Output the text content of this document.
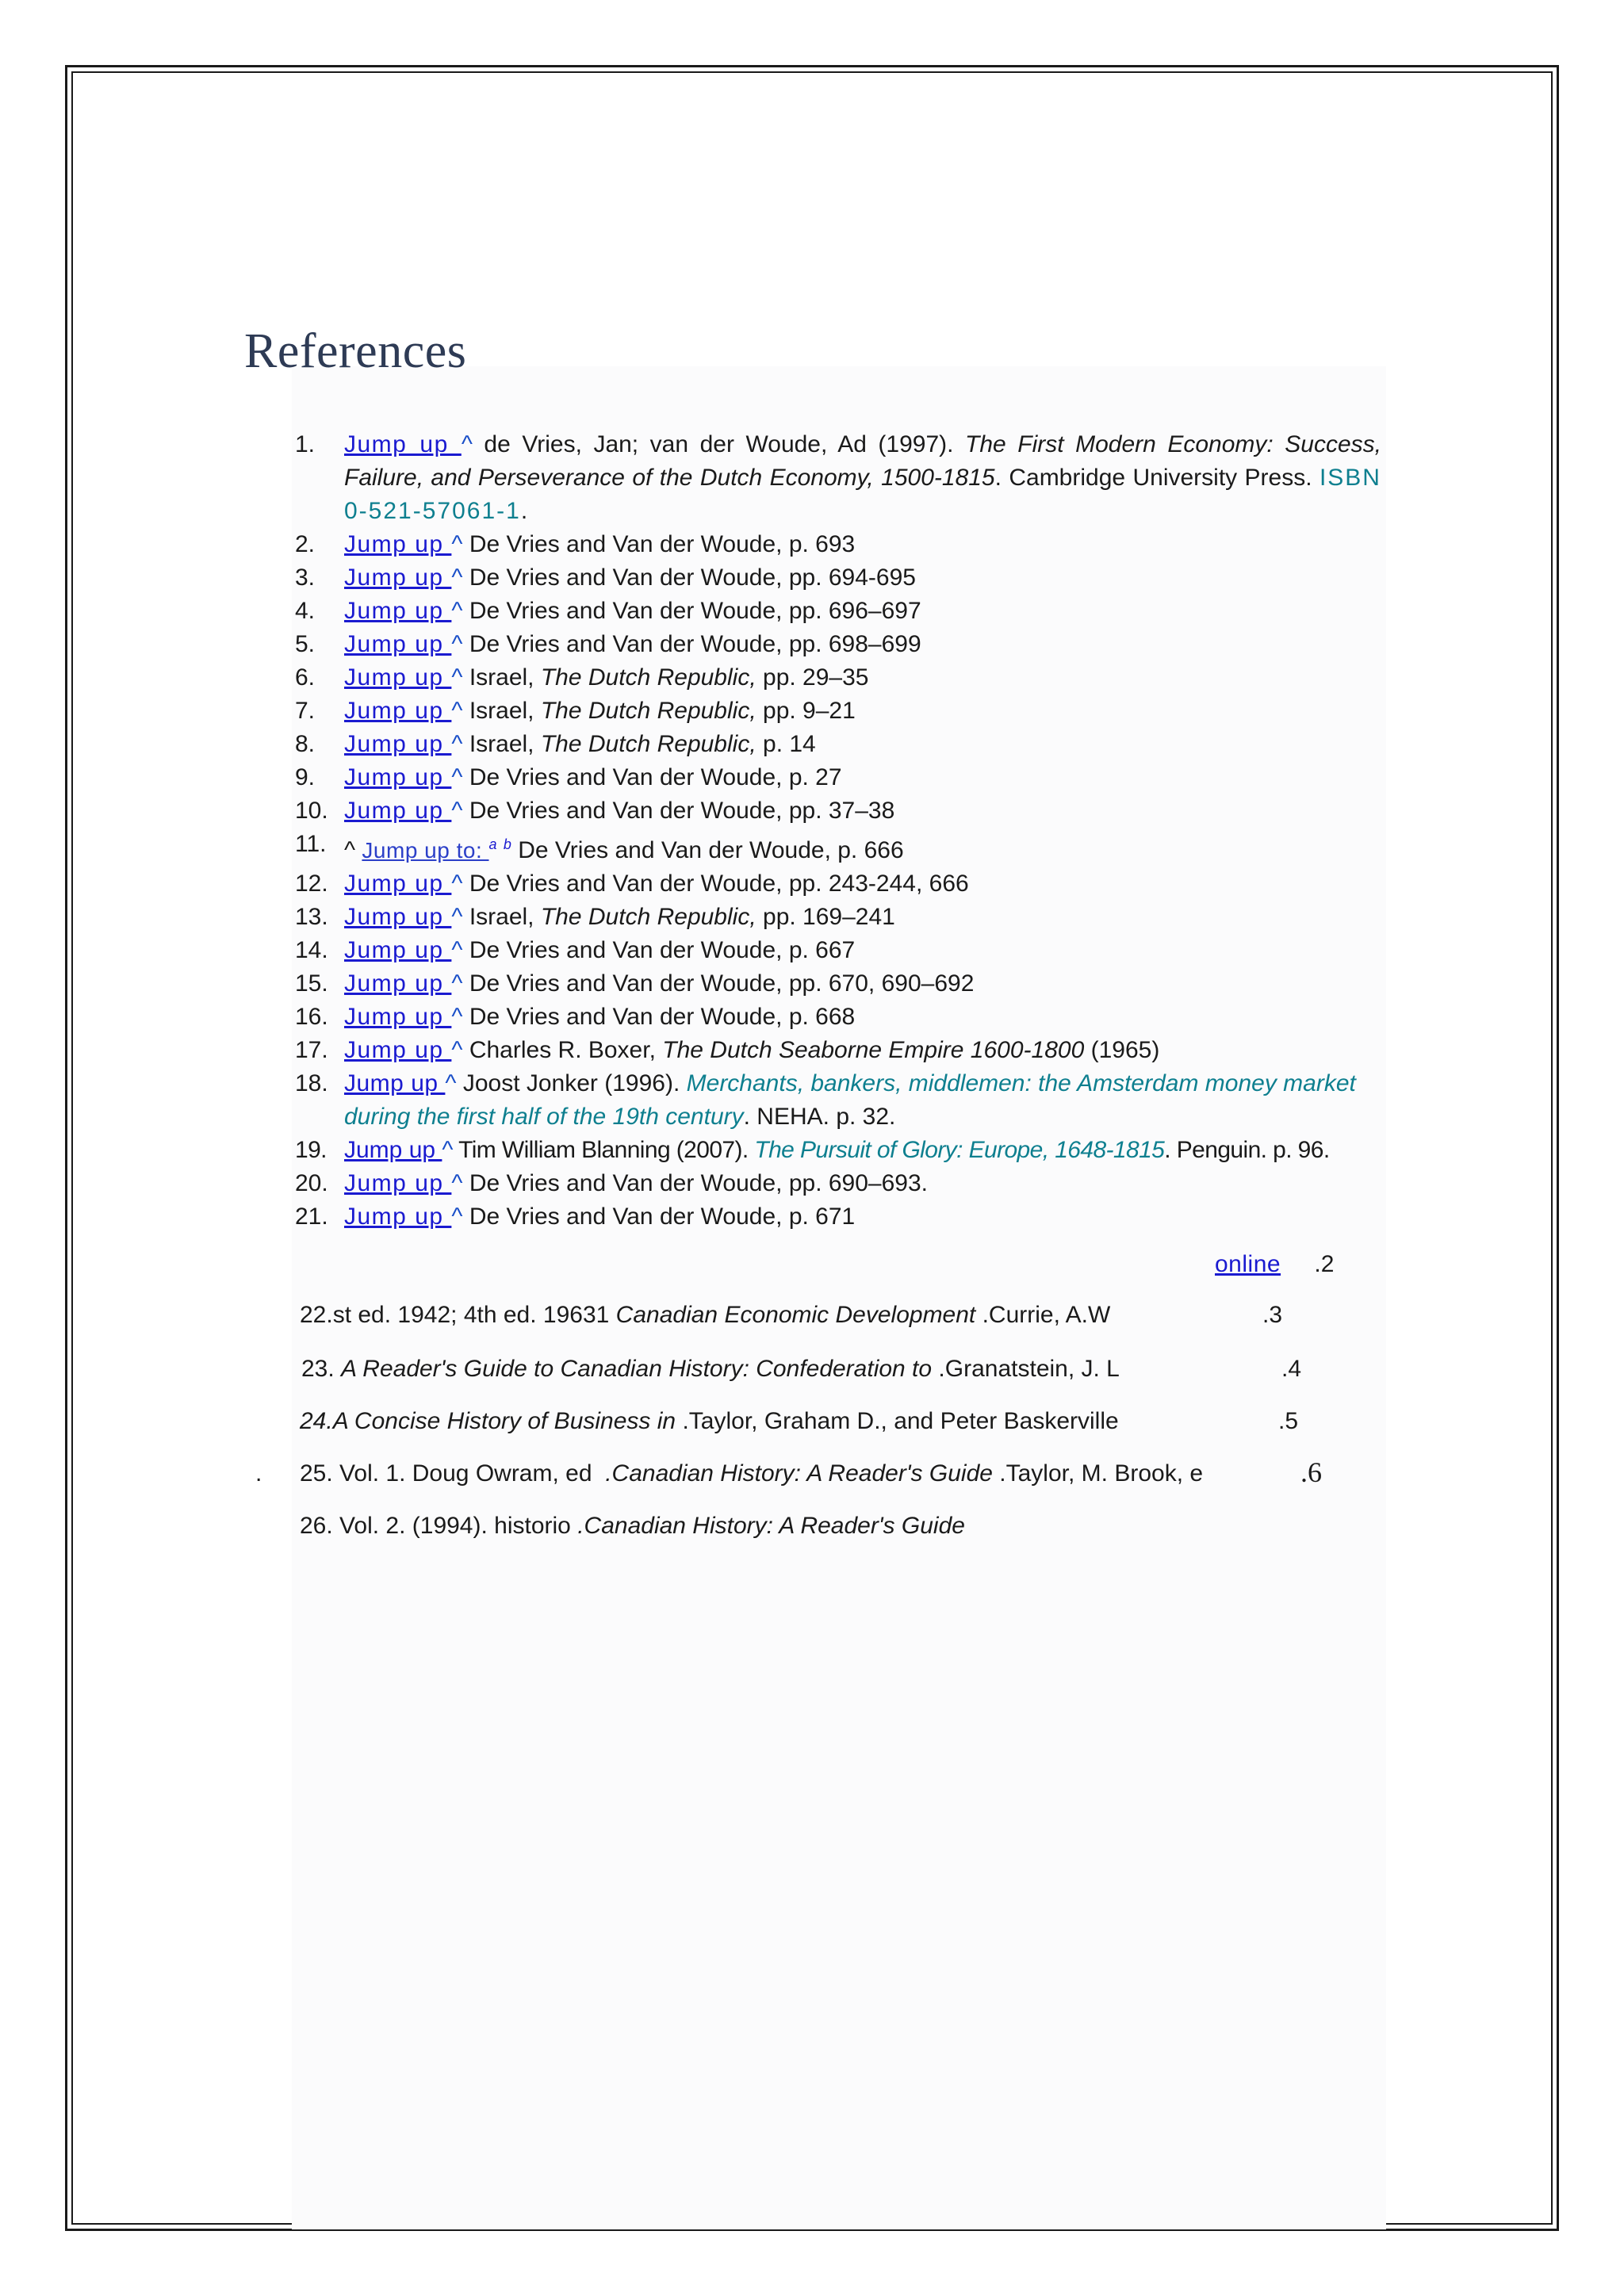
References
1. Jump up ^ de Vries, Jan; van der Woude, Ad (1997). The First Modern Economy: Success, Failure, and Perseverance of the Dutch Economy, 1500-1815. Cambridge University Press. ISBN 0-521-57061-1.
2. Jump up ^ De Vries and Van der Woude, p. 693
3. Jump up ^ De Vries and Van der Woude, pp. 694-695
4. Jump up ^ De Vries and Van der Woude, pp. 696–697
5. Jump up ^ De Vries and Van der Woude, pp. 698–699
6. Jump up ^ Israel, The Dutch Republic, pp. 29–35
7. Jump up ^ Israel, The Dutch Republic, pp. 9–21
8. Jump up ^ Israel, The Dutch Republic, p. 14
9. Jump up ^ De Vries and Van der Woude, p. 27
10. Jump up ^ De Vries and Van der Woude, pp. 37–38
11. ^ Jump up to: $^a$ $^b$ De Vries and Van der Woude, p. 666
12. Jump up ^ De Vries and Van der Woude, pp. 243-244, 666
13. Jump up ^ Israel, The Dutch Republic, pp. 169–241
14. Jump up ^ De Vries and Van der Woude, p. 667
15. Jump up ^ De Vries and Van der Woude, pp. 670, 690–692
16. Jump up ^ De Vries and Van der Woude, p. 668
17. Jump up ^ Charles R. Boxer, The Dutch Seaborne Empire 1600-1800 (1965)
18. Jump up ^ Joost Jonker (1996). Merchants, bankers, middlemen: the Amsterdam money market during the first half of the 19th century. NEHA. p. 32.
19. Jump up ^ Tim William Blanning (2007). The Pursuit of Glory: Europe, 1648-1815. Penguin. p. 96.
20. Jump up ^ De Vries and Van der Woude, pp. 690–693.
21. Jump up ^ De Vries and Van der Woude, p. 671
online .2
22.st ed. 1942; 4th ed. 19631 Canadian Economic Development .Currie, A.W	.3
23. A Reader's Guide to Canadian History: Confederation to .Granatstein, J. L	.4
24.A Concise History of Business in .Taylor, Graham D., and Peter Baskerville	.5
. 25. Vol. 1. Doug Owram, ed  .Canadian History: A Reader's Guide .Taylor, M. Brook, e	.6
26. Vol. 2. (1994). historio .Canadian History: A Reader's Guide
